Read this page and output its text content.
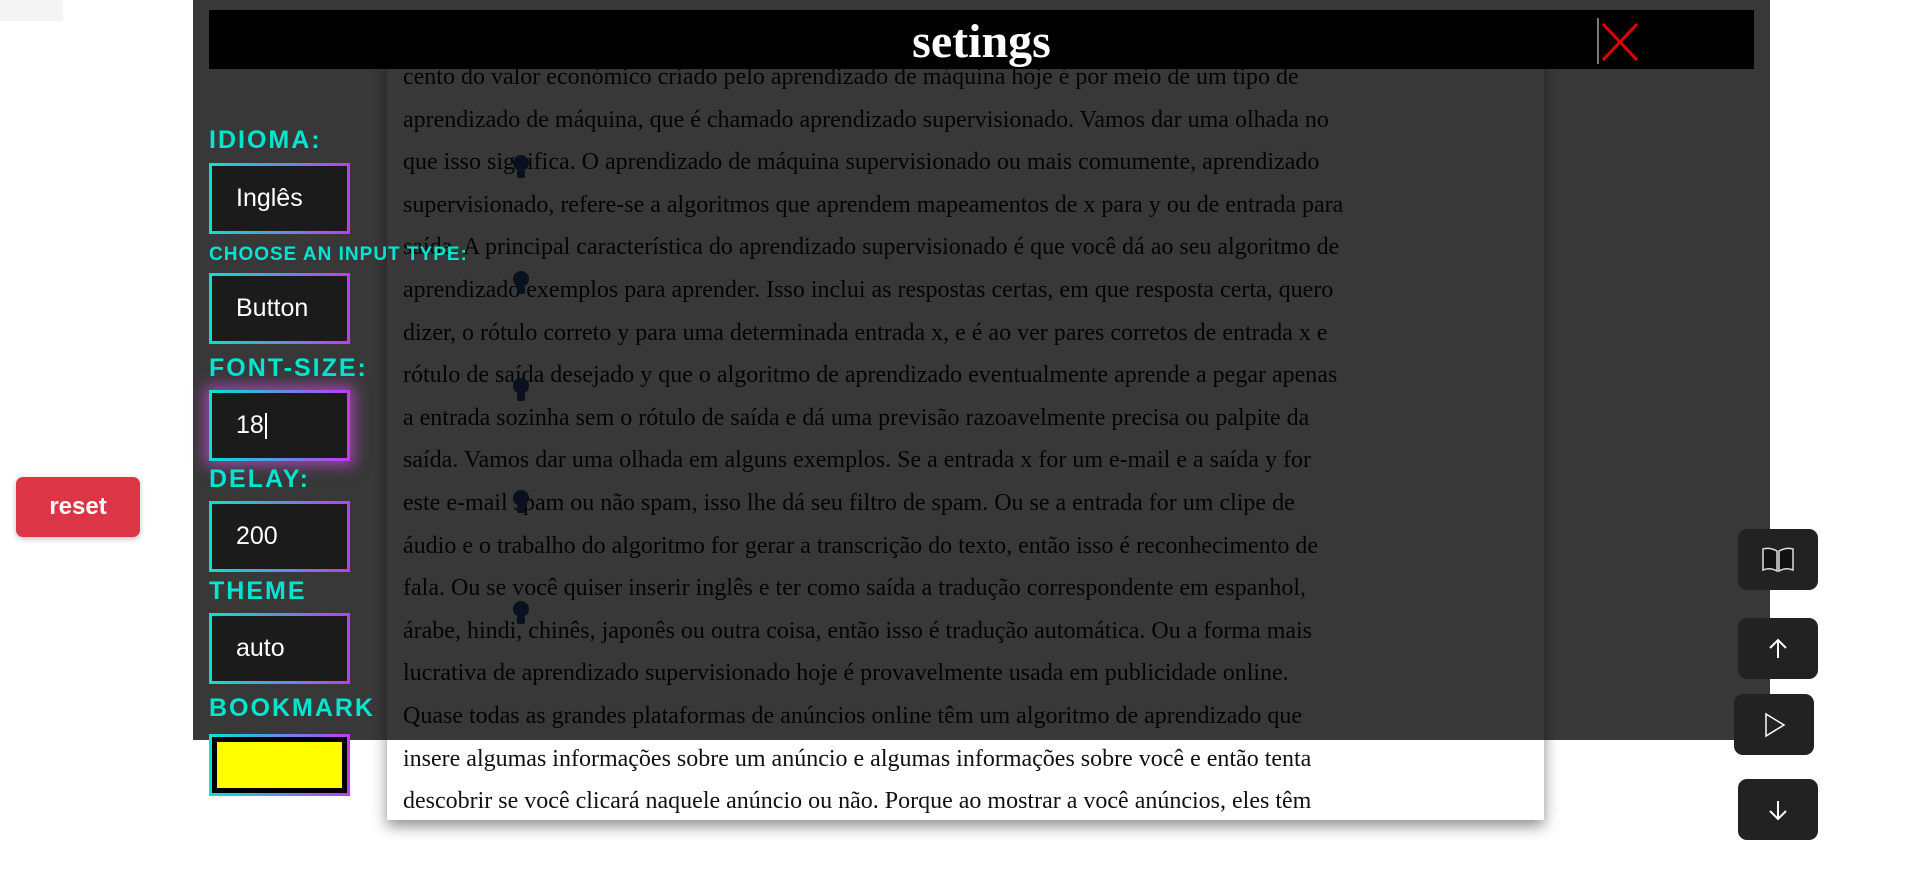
insere algumas informações sobre um anúncio e algumas informações sobre você e então tenta
descobrir se você clicará naquele anúncio ou não. Porque ao mostrar a você anúncios, eles têm

setings
IDIOMA:
Inglês
CHOOSE AN INPUT TYPE:
Button
FONT-SIZE:
18
DELAY:
200
THEME
auto
BOOKMARK
reset
